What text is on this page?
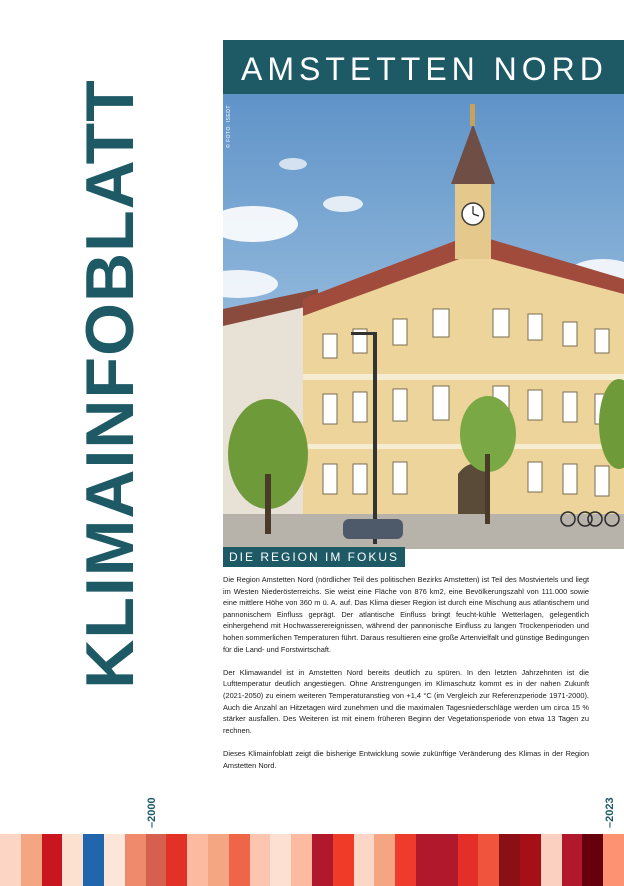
KLIMAINFOBLATT
AMSTETTEN NORD
© FOTO: ISEDT
DIE REGION IM FOKUS

Die Region Amstetten Nord (nördlicher Teil des politischen Bezirks Amstetten) ist Teil des Mostviertels und liegt im Westen Niederösterreichs. Sie weist eine Fläche von 876 km2, eine Bevölkerungszahl von 111.000 sowie eine mittlere Höhe von 360 m ü. A. auf. Das Klima dieser Region ist durch eine Mischung aus atlantischem und pannonischem Einfluss geprägt. Der atlantische Einfluss bringt feucht-kühle Wetterlagen, gelegentlich einhergehend mit Hochwasserereignissen, während der pannonische Einfluss zu langen Trockenperioden und hohen sommerlichen Temperaturen führt. Daraus resultieren eine große Artenvielfalt und günstige Bedingungen für die Land- und Forstwirtschaft.

Der Klimawandel ist in Amstetten Nord bereits deutlich zu spüren. In den letzten Jahrzehnten ist die Lufttemperatur deutlich angestiegen. Ohne Anstrengungen im Klimaschutz kommt es in der nahen Zukunft (2021-2050) zu einem weiteren Temperaturanstieg von +1,4 °C (im Vergleich zur Referenzperiode 1971-2000). Auch die Anzahl an Hitzetagen wird zunehmen und die maximalen Tagesniederschläge werden um circa 15 % stärker ausfallen. Des Weiteren ist mit einem früheren Beginn der Vegetationsperiode von etwa 13 Tagen zu rechnen.

Dieses Klimainfoblatt zeigt die bisherige Entwicklung sowie zukünftige Veränderung des Klimas in der Region Amstetten Nord.

–2000	–2023
